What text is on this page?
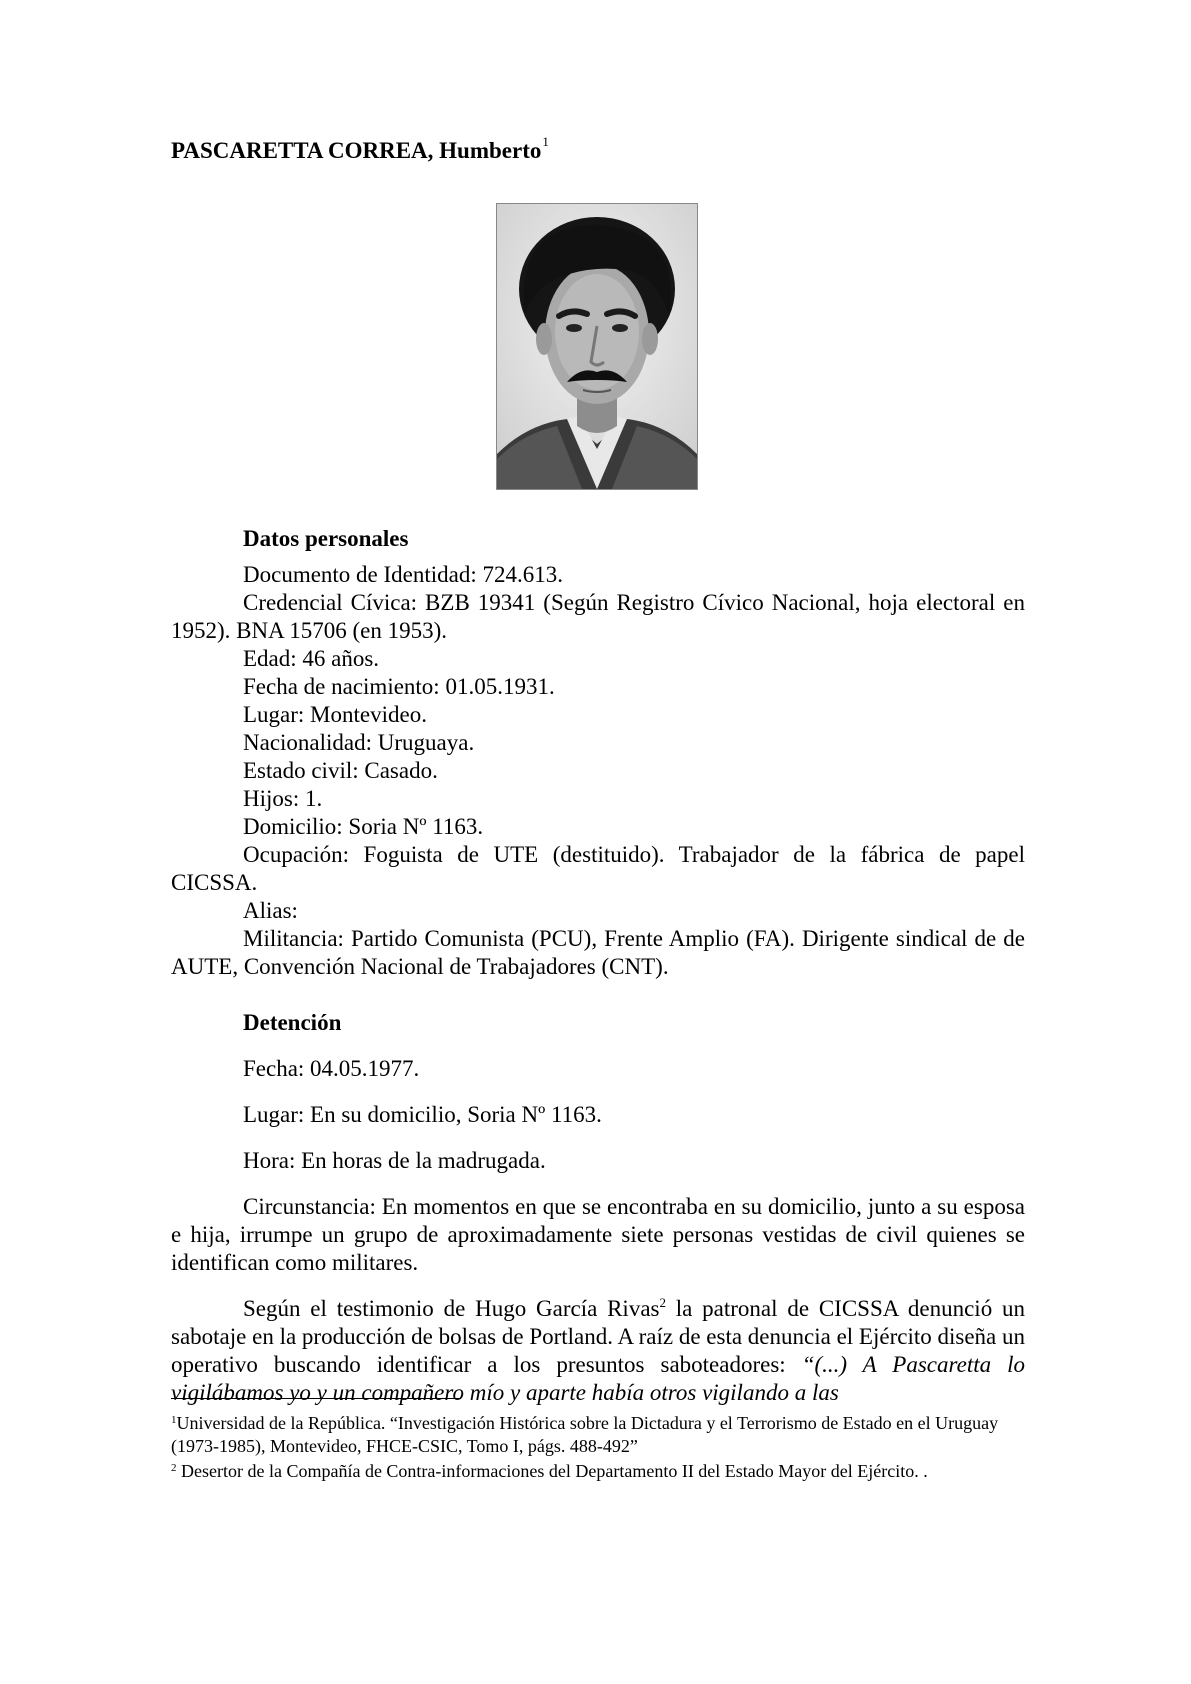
PASCARETTA CORREA, Humberto$^1$

Datos personales

Documento de Identidad: 724.613.

Credencial Cívica: BZB 19341 (Según Registro Cívico Nacional, hoja electoral en 1952). BNA 15706 (en 1953).

Edad: 46 años.

Fecha de nacimiento: 01.05.1931.

Lugar: Montevideo.

Nacionalidad: Uruguaya.

Estado civil: Casado.

Hijos: 1.

Domicilio: Soria Nº 1163.

Ocupación: Foguista de UTE (destituido). Trabajador de la fábrica de papel CICSSA.

Alias:

Militancia: Partido Comunista (PCU), Frente Amplio (FA). Dirigente sindical de de AUTE, Convención Nacional de Trabajadores (CNT).

Detención

Fecha: 04.05.1977.

Lugar: En su domicilio, Soria Nº 1163.

Hora: En horas de la madrugada.

Circunstancia: En momentos en que se encontraba en su domicilio, junto a su esposa e hija, irrumpe un grupo de aproximadamente siete personas vestidas de civil quienes se identifican como militares.

Según el testimonio de Hugo García Rivas$^2$ la patronal de CICSSA denunció un sabotaje en la producción de bolsas de Portland. A raíz de esta denuncia el Ejército diseña un operativo buscando identificar a los presuntos saboteadores: “(...) A Pascaretta lo vigilábamos yo y un compañero mío y aparte había otros vigilando a las

$^1$Universidad de la República. “Investigación Histórica sobre la Dictadura y el Terrorismo de Estado en el Uruguay (1973-1985), Montevideo, FHCE-CSIC, Tomo I, págs. 488-492”

$^2$ Desertor de la Compañía de Contra-informaciones del Departamento II del Estado Mayor del Ejército. .
